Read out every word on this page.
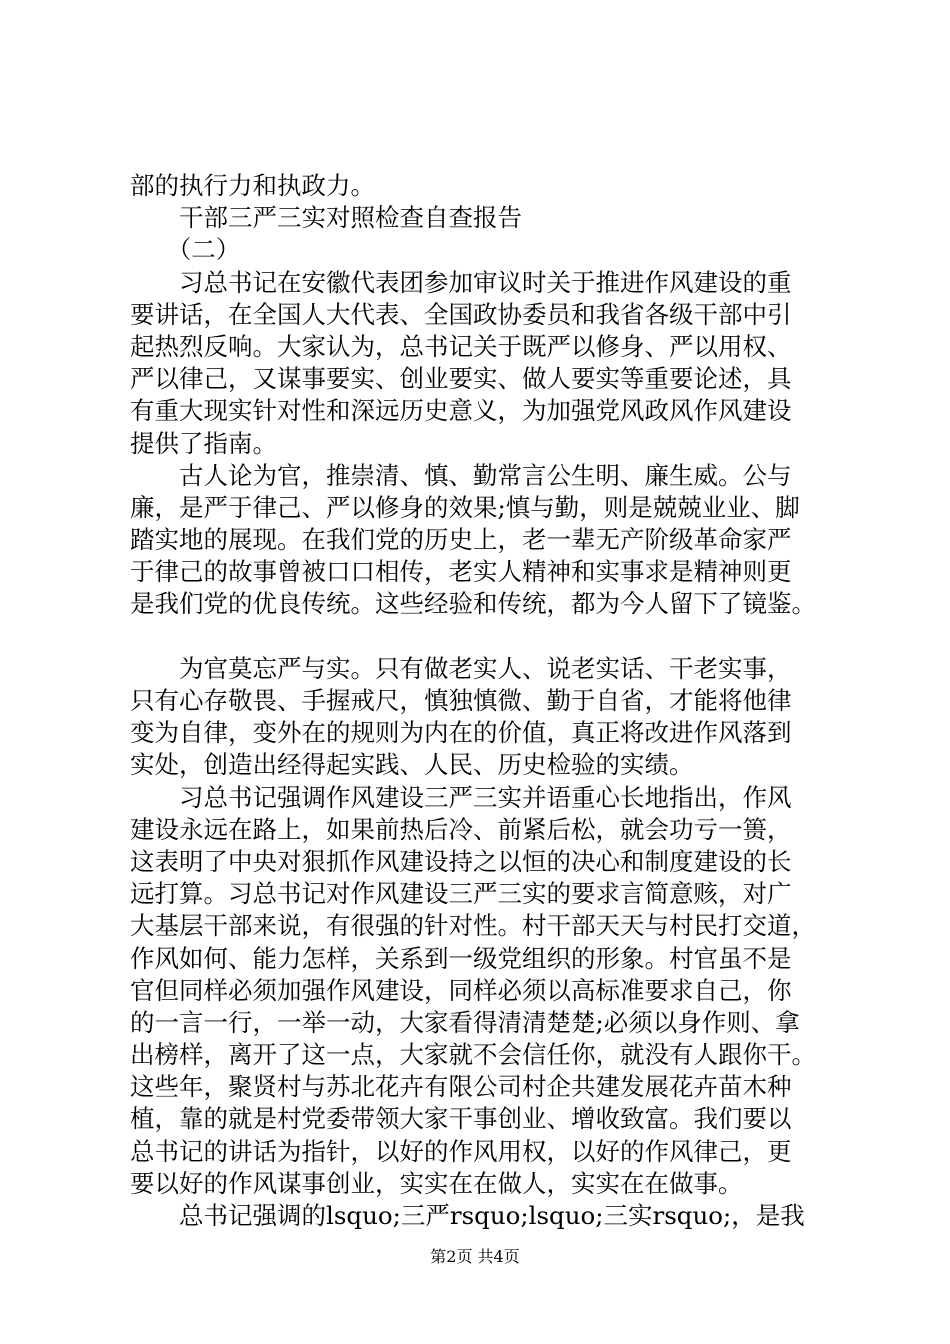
部的执行力和执政力。
　　干部三严三实对照检查自查报告
　　（二）
　　习总书记在安徽代表团参加审议时关于推进作风建设的重
要讲话，在全国人大代表、全国政协委员和我省各级干部中引
起热烈反响。大家认为，总书记关于既严以修身、严以用权、
严以律己，又谋事要实、创业要实、做人要实等重要论述，具
有重大现实针对性和深远历史意义，为加强党风政风作风建设
提供了指南。
　　古人论为官，推崇清、慎、勤常言公生明、廉生威。公与
廉，是严于律己、严以修身的效果;慎与勤，则是兢兢业业、脚
踏实地的展现。在我们党的历史上，老一辈无产阶级革命家严
于律己的故事曾被口口相传，老实人精神和实事求是精神则更
是我们党的优良传统。这些经验和传统，都为今人留下了镜鉴。
　　为官莫忘严与实。只有做老实人、说老实话、干老实事，
只有心存敬畏、手握戒尺，慎独慎微、勤于自省，才能将他律
变为自律，变外在的规则为内在的价值，真正将改进作风落到
实处，创造出经得起实践、人民、历史检验的实绩。
　　习总书记强调作风建设三严三实并语重心长地指出，作风
建设永远在路上，如果前热后冷、前紧后松，就会功亏一篑，
这表明了中央对狠抓作风建设持之以恒的决心和制度建设的长
远打算。习总书记对作风建设三严三实的要求言简意赅，对广
大基层干部来说，有很强的针对性。村干部天天与村民打交道，
作风如何、能力怎样，关系到一级党组织的形象。村官虽不是
官但同样必须加强作风建设，同样必须以高标准要求自己，你
的一言一行，一举一动，大家看得清清楚楚;必须以身作则、拿
出榜样，离开了这一点，大家就不会信任你，就没有人跟你干。
这些年，聚贤村与苏北花卉有限公司村企共建发展花卉苗木种
植，靠的就是村党委带领大家干事创业、增收致富。我们要以
总书记的讲话为指针，以好的作风用权，以好的作风律己，更
要以好的作风谋事创业，实实在在做人，实实在在做事。
　　总书记强调的lsquo;三严rsquo;lsquo;三实rsquo;，是我
第2页 共4页
